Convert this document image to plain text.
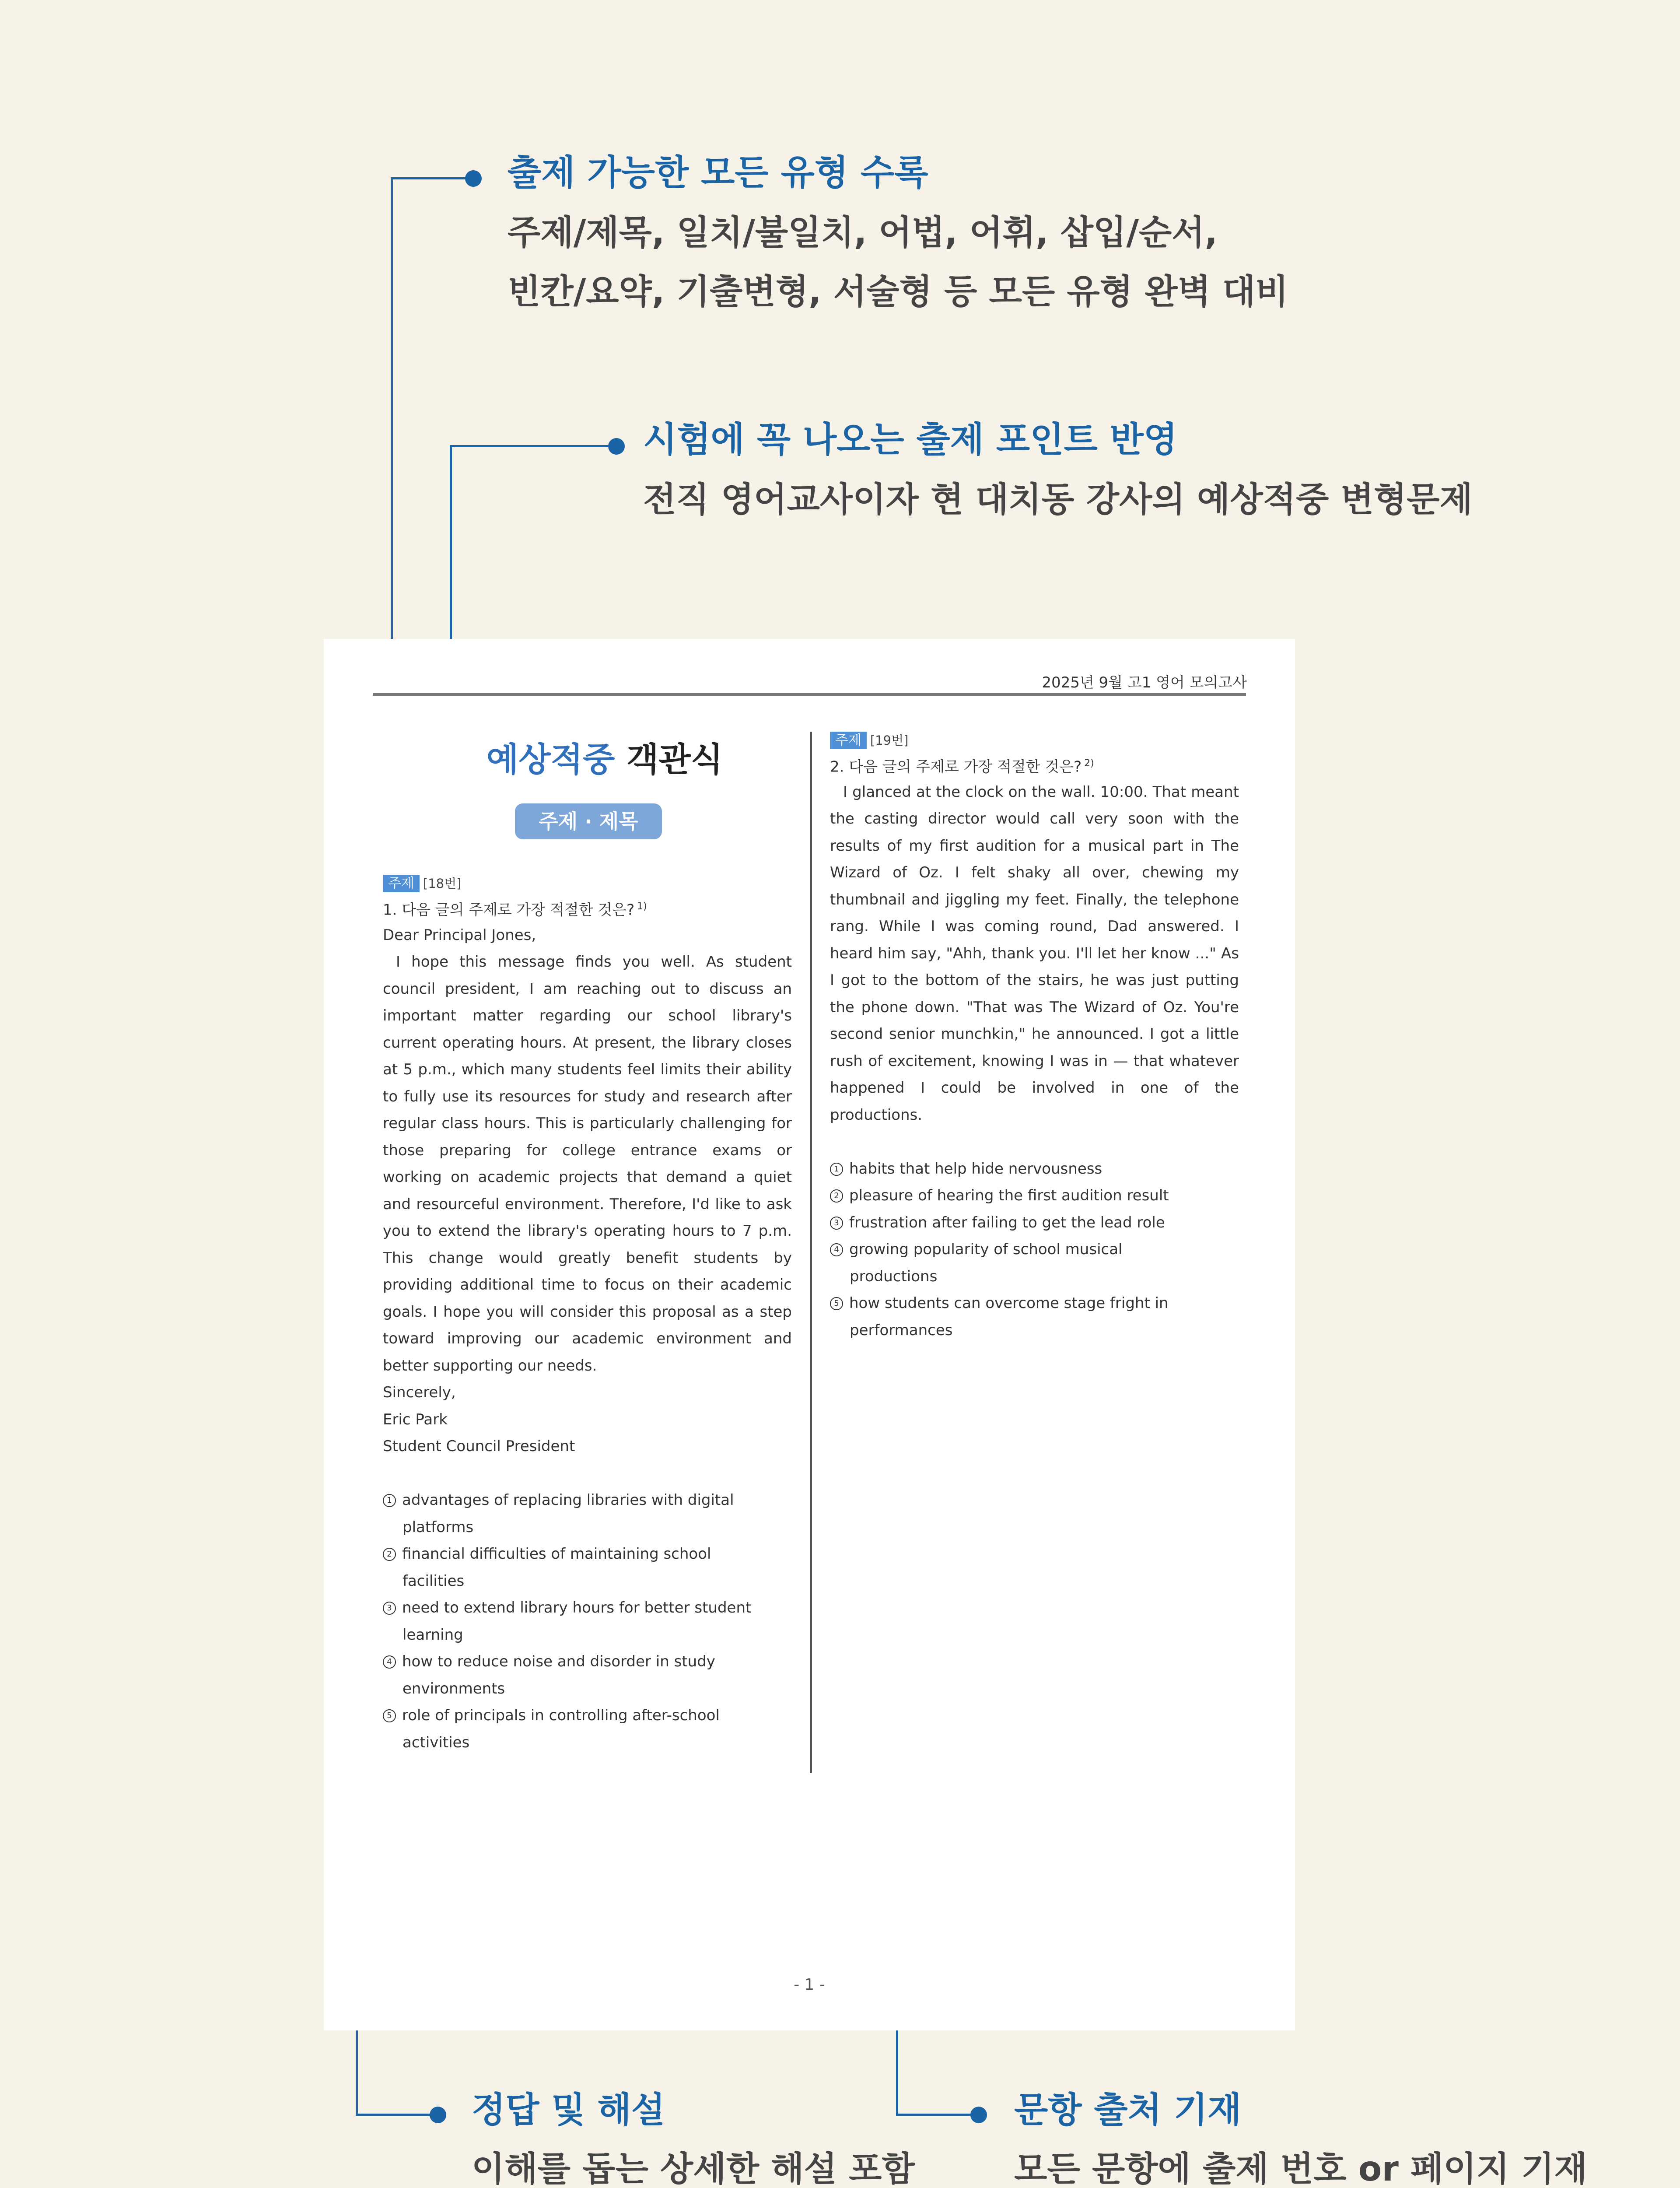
출제 가능한 모든 유형 수록
주제/제목, 일치/불일치, 어법, 어휘, 삽입/순서,
빈칸/요약, 기출변형, 서술형 등 모든 유형 완벽 대비
시험에 꼭 나오는 출제 포인트 반영
전직 영어교사이자 현 대치동 강사의 예상적중 변형문제
정답 및 해설
이해를 돕는 상세한 해설 포함
문항 출처 기재
모든 문항에 출제 번호 or 페이지 기재
2025년 9월 고1 영어 모의고사
예상적중 객관식
주제 · 제목
주제 [18번]
1. 다음 글의 주제로 가장 적절한 것은? $^{1)}$

Dear Principal Jones,

I hope this message finds you well. As student council president, I am reaching out to discuss an important matter regarding our school library's current operating hours. At present, the library closes at 5 p.m., which many students feel limits their ability to fully use its resources for study and research after regular class hours. This is particularly challenging for those preparing for college entrance exams or working on academic projects that demand a quiet and resourceful environment. Therefore, I'd like to ask you to extend the library's operating hours to 7 p.m. This change would greatly benefit students by providing additional time to focus on their academic goals. I hope you will consider this proposal as a step toward improving our academic environment and better supporting our needs.

Sincerely,

Eric Park

Student Council President

1 advantages of replacing libraries with digital
platforms
2 financial difficulties of maintaining school
facilities
3 need to extend library hours for better student
learning
4 how to reduce noise and disorder in study
environments
5 role of principals in controlling after-school
activities
주제 [19번]
2. 다음 글의 주제로 가장 적절한 것은? $^{2)}$

I glanced at the clock on the wall. 10:00. That meant the casting director would call very soon with the results of my first audition for a musical part in The Wizard of Oz. I felt shaky all over, chewing my thumbnail and jiggling my feet. Finally, the telephone rang. While I was coming round, Dad answered. I heard him say, "Ahh, thank you. I'll let her know ..." As I got to the bottom of the stairs, he was just putting the phone down. "That was The Wizard of Oz. You're second senior munchkin," he announced. I got a little rush of excitement, knowing I was in — that whatever happened I could be involved in one of the productions.

1 habits that help hide nervousness
2 pleasure of hearing the first audition result
3 frustration after failing to get the lead role
4 growing popularity of school musical
productions
5 how students can overcome stage fright in
performances
- 1 -
